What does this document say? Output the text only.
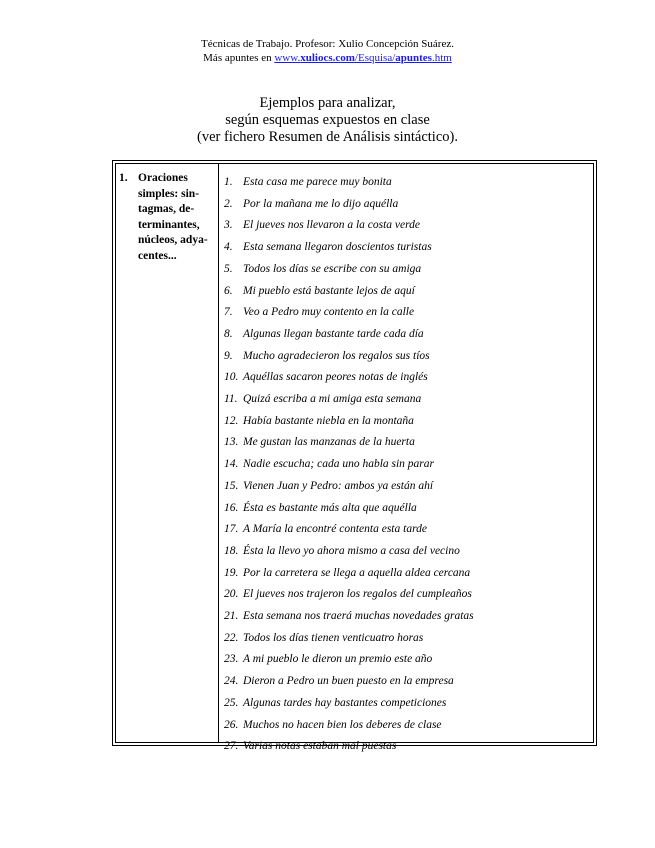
Técnicas de Trabajo. Profesor: Xulio Concepción Suárez.
Más apuntes en www.xuliocs.com/Esquisa/apuntes.htm
Ejemplos para analizar,
según esquemas expuestos en clase
(ver fichero Resumen de Análisis sintáctico).
1. Oraciones simples: sin-tagmas, de-terminantes, núcleos, adya-centes...
1. Esta casa me parece muy bonita
2. Por la mañana me lo dijo aquélla
3. El jueves nos llevaron a la costa verde
4. Esta semana llegaron doscientos turistas
5. Todos los días se escribe con su amiga
6. Mi pueblo está bastante lejos de aquí
7. Veo a Pedro muy contento en la calle
8. Algunas llegan bastante tarde cada día
9. Mucho agradecieron los regalos sus tíos
10. Aquéllas sacaron peores notas de inglés
11. Quizá escriba a mi amiga esta semana
12. Había bastante niebla en la montaña
13. Me gustan las manzanas de la huerta
14. Nadie escucha; cada uno habla sin parar
15. Vienen Juan y Pedro: ambos ya están ahí
16. Ésta es bastante más alta que aquélla
17. A María la encontré contenta esta tarde
18. Ésta la llevo yo ahora mismo a casa del vecino
19. Por la carretera se llega a aquella aldea cercana
20. El jueves nos trajeron los regalos del cumpleaños
21. Esta semana nos traerá muchas novedades gratas
22. Todos los días tienen venticuatro horas
23. A mi pueblo le dieron un premio este año
24. Dieron a Pedro un buen puesto en la empresa
25. Algunas tardes hay bastantes competiciones
26. Muchos no hacen bien los deberes de clase
27. Varias notas estaban mal puestas
